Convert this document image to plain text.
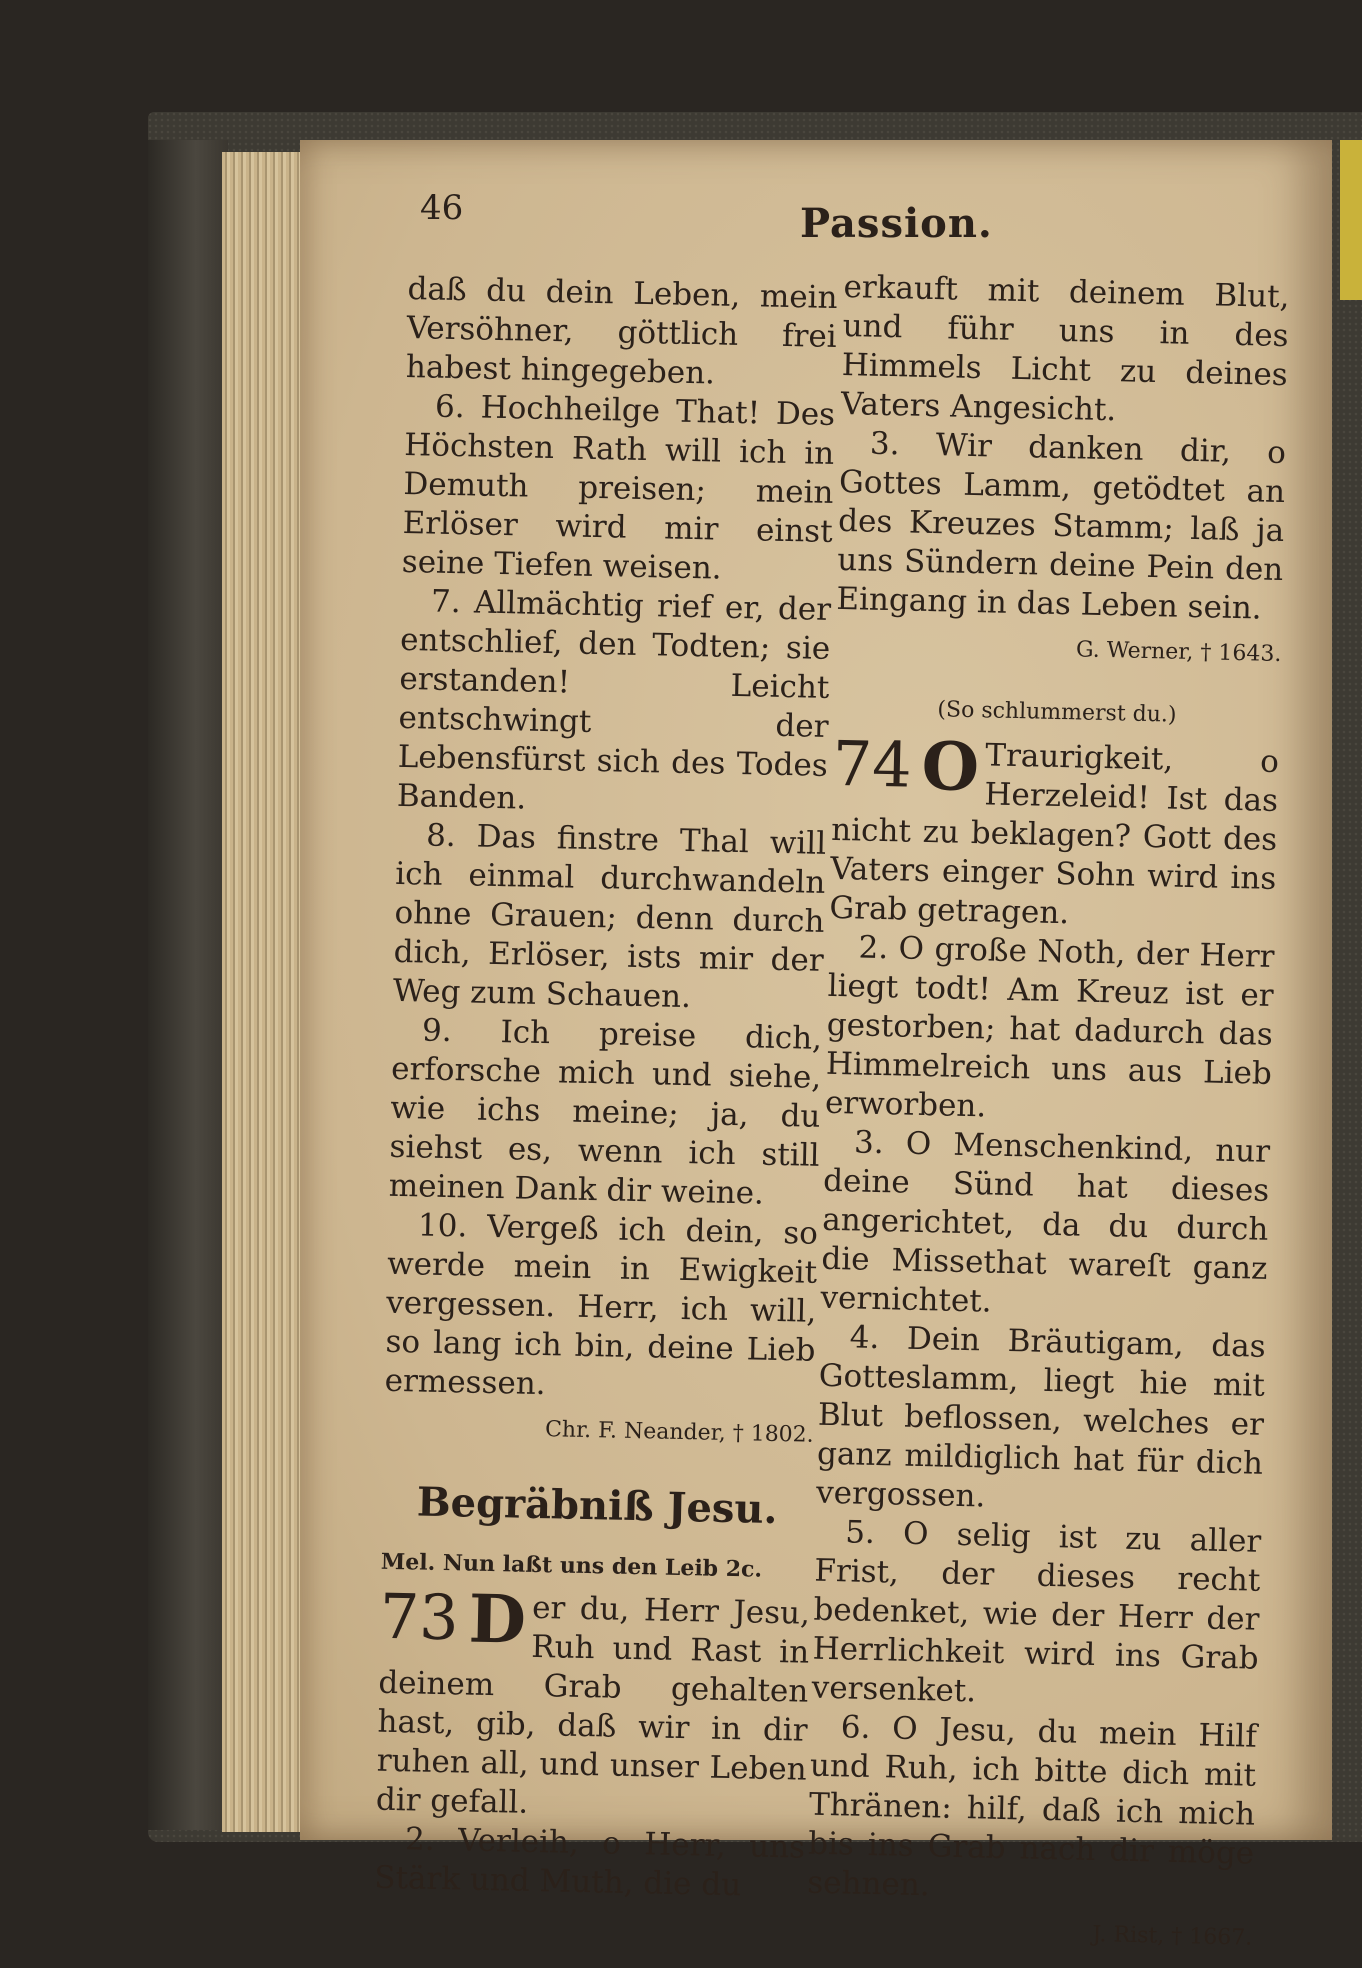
46	Passion.

daß du dein Leben, mein Versöhner, göttlich frei habest hingegeben.

6. Hochheilge That! Des Höchsten Rath will ich in Demuth preisen; mein Erlöser wird mir einst seine Tiefen weisen.

7. Allmächtig rief er, der entschlief, den Todten; sie erstanden! Leicht entschwingt der Lebensfürst sich des Todes Banden.

8. Das finstre Thal will ich einmal durchwandeln ohne Grauen; denn durch dich, Erlöser, ists mir der Weg zum Schauen.

9. Ich preise dich, erforsche mich und siehe, wie ichs meine; ja, du siehst es, wenn ich still meinen Dank dir weine.

10. Vergeß ich dein, so werde mein in Ewigkeit vergessen. Herr, ich will, so lang ich bin, deine Lieb ermessen.

Chr. F. Neander, † 1802.

Begräbniß Jesu.

Mel. Nun laßt uns den Leib 2c.

73 D er du, Herr Jesu, Ruh und Rast in deinem Grab gehalten hast, gib, daß wir in dir ruhen all, und unser Leben dir gefall.

2. Verleih, o Herr, uns Stärk und Muth, die du

erkauft mit deinem Blut, und führ uns in des Himmels Licht zu deines Vaters Angesicht.

3. Wir danken dir, o Gottes Lamm, getödtet an des Kreuzes Stamm; laß ja uns Sündern deine Pein den Eingang in das Leben sein.

G. Werner, † 1643.

(So schlummerst du.)

74 O Traurigkeit, o Herzeleid! Ist das nicht zu beklagen? Gott des Vaters einger Sohn wird ins Grab getragen.

2. O große Noth, der Herr liegt todt! Am Kreuz ist er gestorben; hat dadurch das Himmelreich uns aus Lieb erworben.

3. O Menschenkind, nur deine Sünd hat dieses angerichtet, da du durch die Missethat wareſt ganz vernichtet.

4. Dein Bräutigam, das Gotteslamm, liegt hie mit Blut beflossen, welches er ganz mildiglich hat für dich vergossen.

5. O selig ist zu aller Frist, der dieses recht bedenket, wie der Herr der Herrlichkeit wird ins Grab versenket.

6. O Jesu, du mein Hilf und Ruh, ich bitte dich mit Thränen: hilf, daß ich mich bis ins Grab nach dir möge sehnen.

J. Rist, † 1667.
